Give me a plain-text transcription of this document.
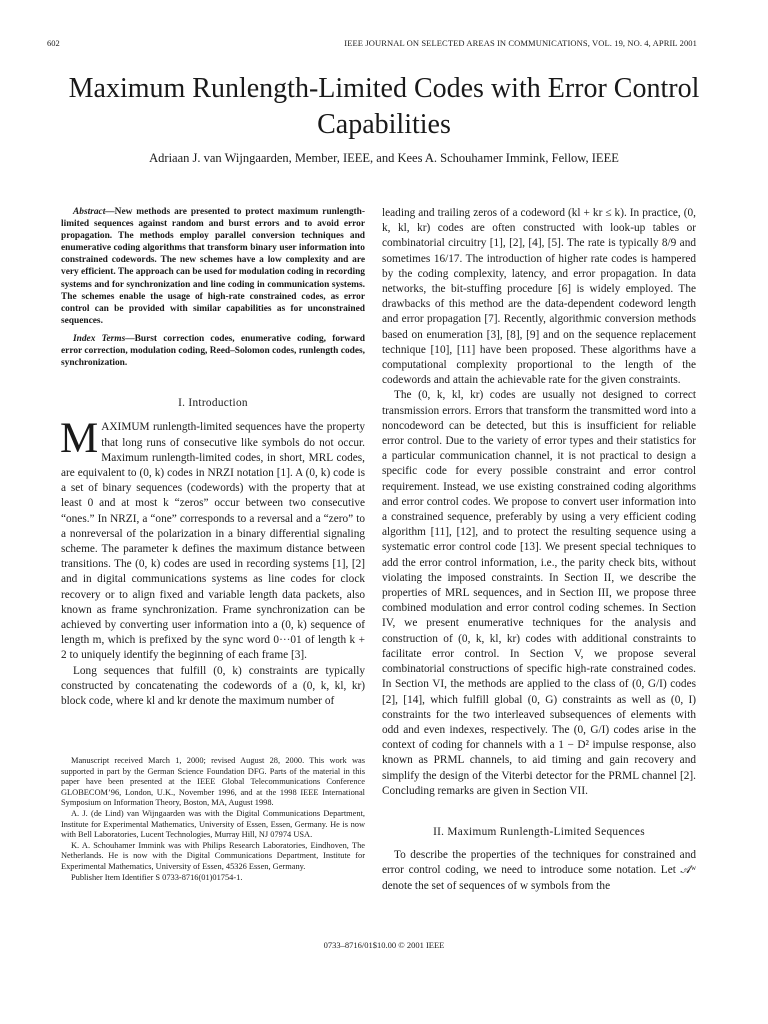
602	IEEE JOURNAL ON SELECTED AREAS IN COMMUNICATIONS, VOL. 19, NO. 4, APRIL 2001
Maximum Runlength-Limited Codes with Error Control Capabilities
Adriaan J. van Wijngaarden, Member, IEEE, and Kees A. Schouhamer Immink, Fellow, IEEE

Abstract—New methods are presented to protect maximum runlength-limited sequences against random and burst errors and to avoid error propagation. The methods employ parallel conversion techniques and enumerative coding algorithms that transform binary user information into constrained codewords. The new schemes have a low complexity and are very efficient. The approach can be used for modulation coding in recording systems and for synchronization and line coding in communication systems. The schemes enable the usage of high-rate constrained codes, as error control can be provided with similar capabilities as for unconstrained sequences.

Index Terms—Burst correction codes, enumerative coding, forward error correction, modulation coding, Reed–Solomon codes, runlength codes, synchronization.

I. Introduction

MAXIMUM runlength-limited sequences have the property that long runs of consecutive like symbols do not occur. Maximum runlength-limited codes, in short, MRL codes, are equivalent to (0, k) codes in NRZI notation [1]. A (0, k) code is a set of binary sequences (codewords) with the property that at least 0 and at most k “zeros” occur between two consecutive “ones.” In NRZI, a “one” corresponds to a reversal and a “zero” to a nonreversal of the polarization in a binary differential signaling scheme. The parameter k defines the maximum distance between transitions. The (0, k) codes are used in recording systems [1], [2] and in digital communications systems as line codes for clock recovery or to align fixed and variable length data packets, also known as frame synchronization. Frame synchronization can be achieved by converting user information into a (0, k) sequence of length m, which is prefixed by the sync word 0···01 of length k + 2 to uniquely identify the beginning of each frame [3].

Long sequences that fulfill (0, k) constraints are typically constructed by concatenating the codewords of a (0, k, kl, kr) block code, where kl and kr denote the maximum number of

Manuscript received March 1, 2000; revised August 28, 2000. This work was supported in part by the German Science Foundation DFG. Parts of the material in this paper have been presented at the IEEE Global Telecommunications Conference GLOBECOM’96, London, U.K., November 1996, and at the 1998 IEEE International Symposium on Information Theory, Boston, MA, August 1998.

A. J. (de Lind) van Wijngaarden was with the Digital Communications Department, Institute for Experimental Mathematics, University of Essen, Essen, Germany. He is now with Bell Laboratories, Lucent Technologies, Murray Hill, NJ 07974 USA.

K. A. Schouhamer Immink was with Philips Research Laboratories, Eindhoven, The Netherlands. He is now with the Digital Communications Department, Institute for Experimental Mathematics, University of Essen, 45326 Essen, Germany.

Publisher Item Identifier S 0733-8716(01)01754-1.

leading and trailing zeros of a codeword (kl + kr ≤ k). In practice, (0, k, kl, kr) codes are often constructed with look-up tables or combinatorial circuitry [1], [2], [4], [5]. The rate is typically 8/9 and sometimes 16/17. The introduction of higher rate codes is hampered by the coding complexity, latency, and error propagation. In data networks, the bit-stuffing procedure [6] is widely employed. The drawbacks of this method are the data-dependent codeword length and error propagation [7]. Recently, algorithmic conversion methods based on enumeration [3], [8], [9] and on the sequence replacement technique [10], [11] have been proposed. These algorithms have a computational complexity proportional to the length of the codewords and attain the achievable rate for the given constraints.

The (0, k, kl, kr) codes are usually not designed to correct transmission errors. Errors that transform the transmitted word into a noncodeword can be detected, but this is insufficient for reliable error control. Due to the variety of error types and their statistics for a particular communication channel, it is not practical to design a specific code for every possible constraint and error control requirement. Instead, we use existing constrained coding algorithms and error control codes. We propose to convert user information into a constrained sequence, preferably by using a very efficient coding algorithm [11], [12], and to protect the resulting sequence using a systematic error control code [13]. We present special techniques to add the error control information, i.e., the parity check bits, without violating the imposed constraints. In Section II, we describe the properties of MRL sequences, and in Section III, we propose three combined modulation and error control coding schemes. In Section IV, we present enumerative techniques for the analysis and construction of (0, k, kl, kr) codes with additional constraints to facilitate error control. In Section V, we propose several combinatorial constructions of specific high-rate constrained codes. In Section VI, the methods are applied to the class of (0, G/I) codes [2], [14], which fulfill global (0, G) constraints as well as (0, I) constraints for the two interleaved subsequences of elements with odd and even indexes, respectively. The (0, G/I) codes arise in the context of coding for channels with a 1 − D² impulse response, also known as PRML channels, to aid timing and gain recovery and simplify the design of the Viterbi detector for the PRML channel [2]. Concluding remarks are given in Section VII.

II. Maximum Runlength-Limited Sequences

To describe the properties of the techniques for constrained and error control coding, we need to introduce some notation. Let 𝒜ʷ denote the set of sequences of w symbols from the

0733–8716/01$10.00 © 2001 IEEE
